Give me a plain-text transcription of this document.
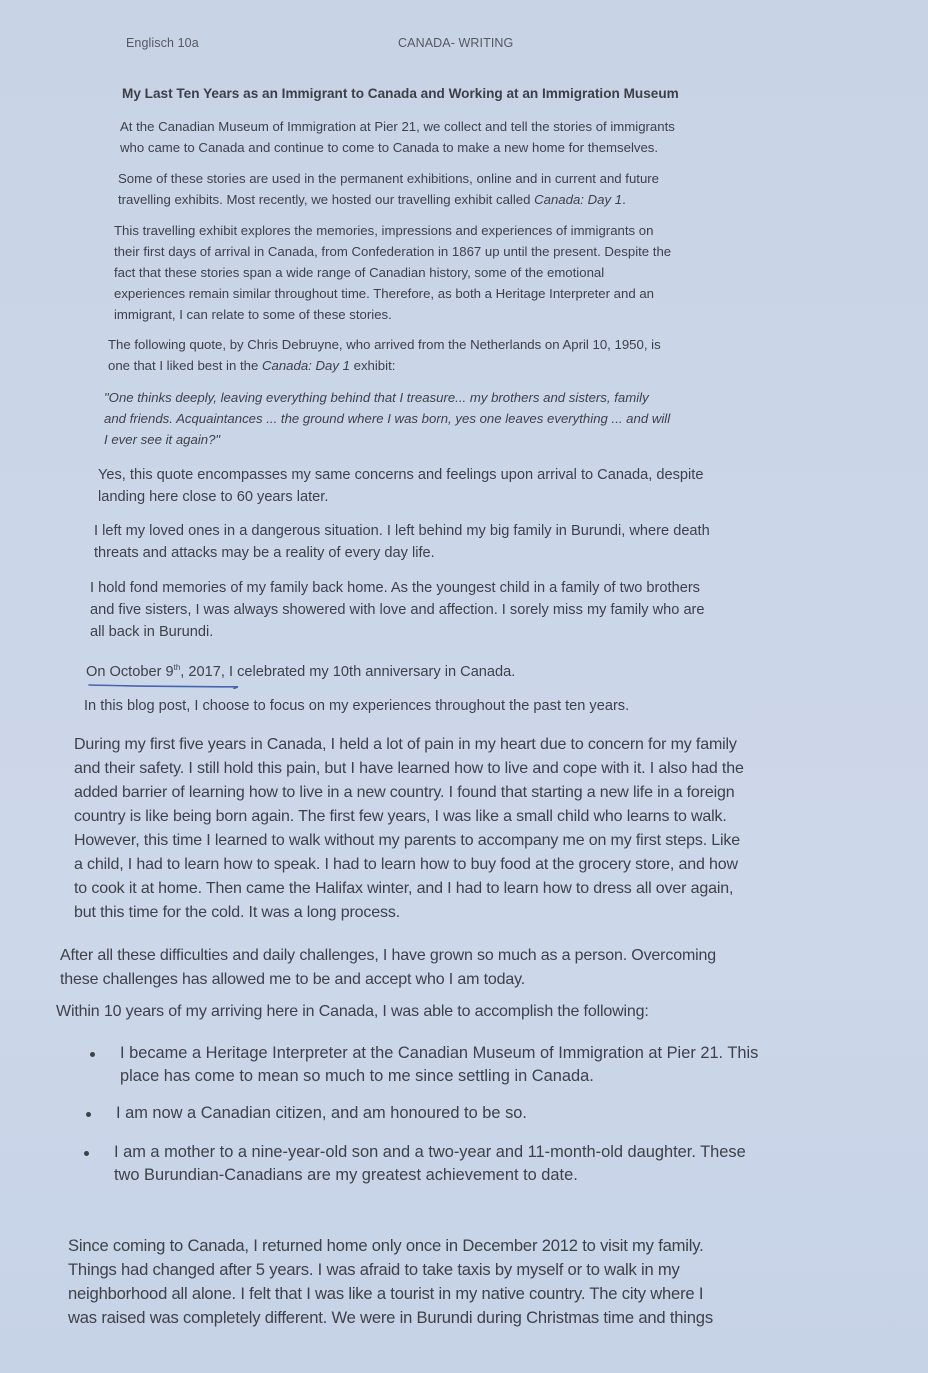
Englisch 10a	CANADA- WRITING
My Last Ten Years as an Immigrant to Canada and Working at an Immigration Museum

At the Canadian Museum of Immigration at Pier 21, we collect and tell the stories of immigrants
who came to Canada and continue to come to Canada to make a new home for themselves.

Some of these stories are used in the permanent exhibitions, online and in current and future
travelling exhibits. Most recently, we hosted our travelling exhibit called Canada: Day 1.

This travelling exhibit explores the memories, impressions and experiences of immigrants on
their first days of arrival in Canada, from Confederation in 1867 up until the present. Despite the
fact that these stories span a wide range of Canadian history, some of the emotional
experiences remain similar throughout time. Therefore, as both a Heritage Interpreter and an
immigrant, I can relate to some of these stories.

The following quote, by Chris Debruyne, who arrived from the Netherlands on April 10, 1950, is
one that I liked best in the Canada: Day 1 exhibit:

"One thinks deeply, leaving everything behind that I treasure... my brothers and sisters, family
and friends. Acquaintances ... the ground where I was born, yes one leaves everything ... and will
I ever see it again?"

Yes, this quote encompasses my same concerns and feelings upon arrival to Canada, despite
landing here close to 60 years later.

I left my loved ones in a dangerous situation. I left behind my big family in Burundi, where death
threats and attacks may be a reality of every day life.

I hold fond memories of my family back home. As the youngest child in a family of two brothers
and five sisters, I was always showered with love and affection. I sorely miss my family who are
all back in Burundi.

On October 9th, 2017, I celebrated my 10th anniversary in Canada.

In this blog post, I choose to focus on my experiences throughout the past ten years.

During my first five years in Canada, I held a lot of pain in my heart due to concern for my family
and their safety. I still hold this pain, but I have learned how to live and cope with it. I also had the
added barrier of learning how to live in a new country. I found that starting a new life in a foreign
country is like being born again. The first few years, I was like a small child who learns to walk.
However, this time I learned to walk without my parents to accompany me on my first steps. Like
a child, I had to learn how to speak. I had to learn how to buy food at the grocery store, and how
to cook it at home. Then came the Halifax winter, and I had to learn how to dress all over again,
but this time for the cold. It was a long process.

After all these difficulties and daily challenges, I have grown so much as a person. Overcoming
these challenges has allowed me to be and accept who I am today.

Within 10 years of my arriving here in Canada, I was able to accomplish the following:

I became a Heritage Interpreter at the Canadian Museum of Immigration at Pier 21. This
place has come to mean so much to me since settling in Canada.
I am now a Canadian citizen, and am honoured to be so.
I am a mother to a nine-year-old son and a two-year and 11-month-old daughter. These
two Burundian-Canadians are my greatest achievement to date.

Since coming to Canada, I returned home only once in December 2012 to visit my family.
Things had changed after 5 years. I was afraid to take taxis by myself or to walk in my
neighborhood all alone. I felt that I was like a tourist in my native country. The city where I
was raised was completely different. We were in Burundi during Christmas time and things
